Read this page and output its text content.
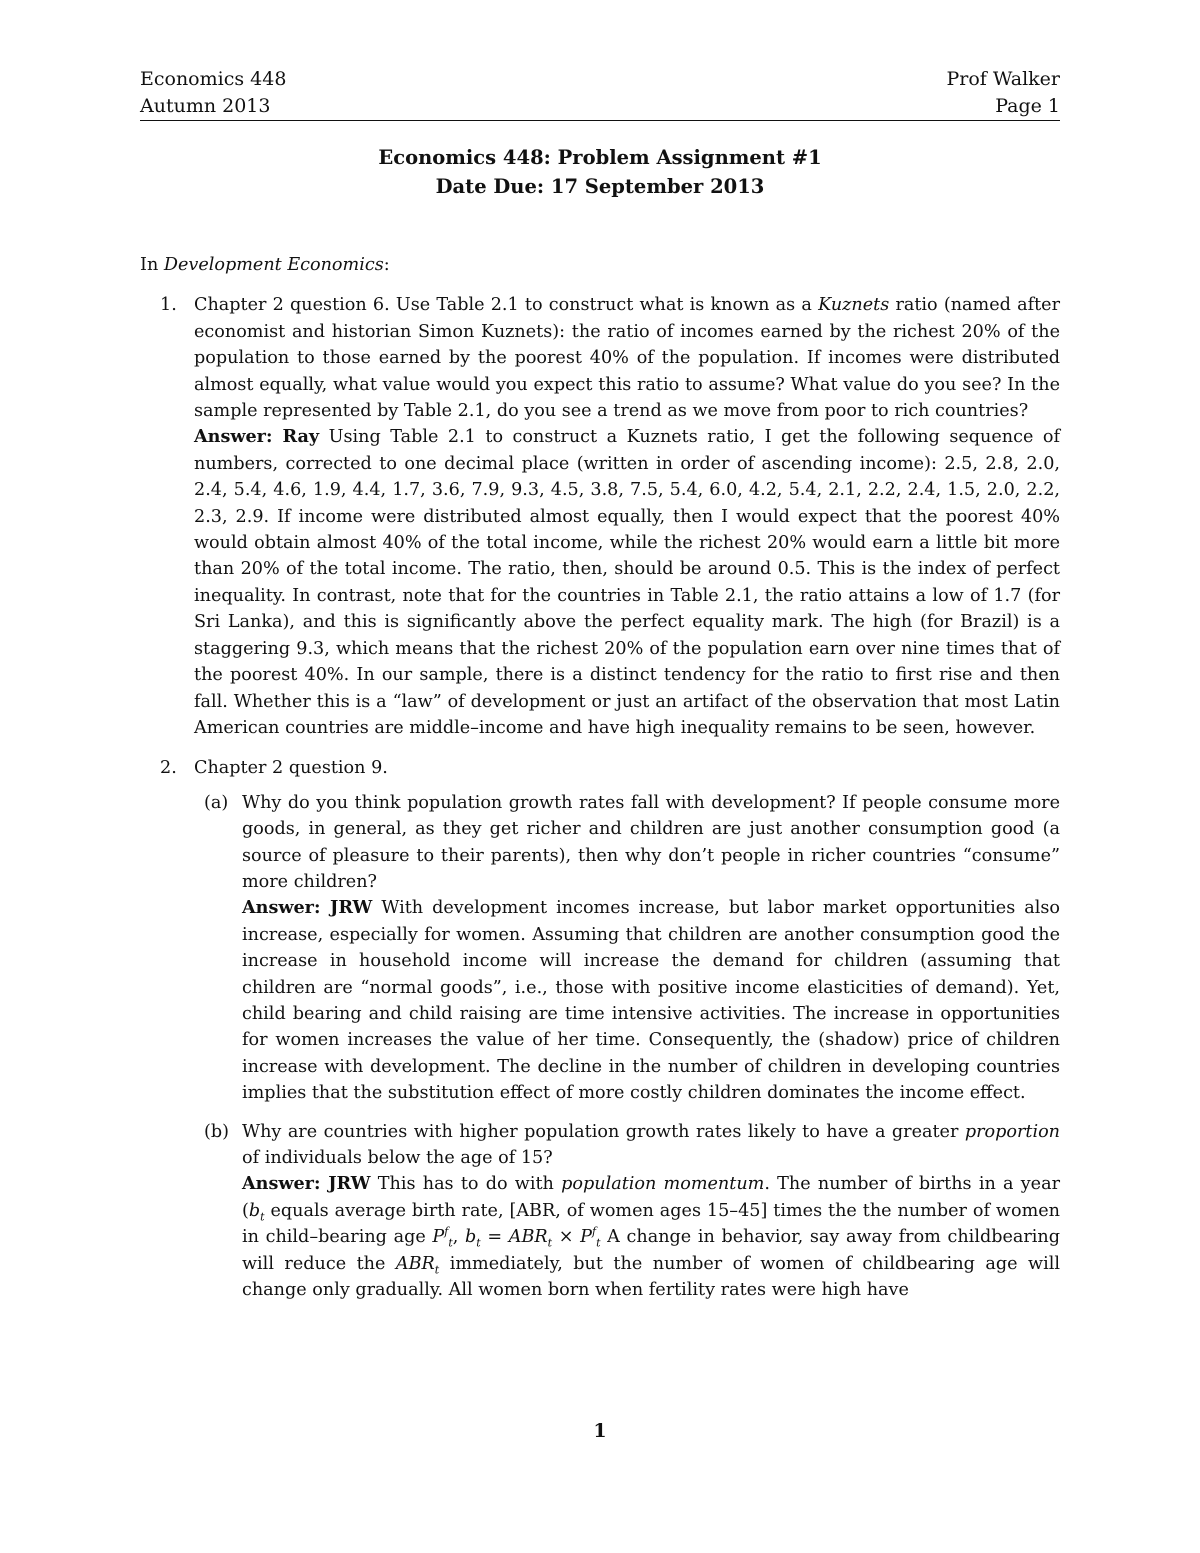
Economics 448
Autumn 2013
Prof Walker
Page 1
Economics 448: Problem Assignment #1
Date Due: 17 September 2013

In Development Economics:

1. Chapter 2 question 6. Use Table 2.1 to construct what is known as a Kuznets ratio (named after economist and historian Simon Kuznets): the ratio of incomes earned by the richest 20% of the population to those earned by the poorest 40% of the population. If incomes were distributed almost equally, what value would you expect this ratio to assume? What value do you see? In the sample represented by Table 2.1, do you see a trend as we move from poor to rich countries?

Answer: Ray Using Table 2.1 to construct a Kuznets ratio, I get the following sequence of numbers, corrected to one decimal place (written in order of ascending income): 2.5, 2.8, 2.0, 2.4, 5.4, 4.6, 1.9, 4.4, 1.7, 3.6, 7.9, 9.3, 4.5, 3.8, 7.5, 5.4, 6.0, 4.2, 5.4, 2.1, 2.2, 2.4, 1.5, 2.0, 2.2, 2.3, 2.9. If income were distributed almost equally, then I would expect that the poorest 40% would obtain almost 40% of the total income, while the richest 20% would earn a little bit more than 20% of the total income. The ratio, then, should be around 0.5. This is the index of perfect inequality. In contrast, note that for the countries in Table 2.1, the ratio attains a low of 1.7 (for Sri Lanka), and this is significantly above the perfect equality mark. The high (for Brazil) is a staggering 9.3, which means that the richest 20% of the population earn over nine times that of the poorest 40%. In our sample, there is a distinct tendency for the ratio to first rise and then fall. Whether this is a “law” of development or just an artifact of the observation that most Latin American countries are middle–income and have high inequality remains to be seen, however.

2. Chapter 2 question 9.

(a) Why do you think population growth rates fall with development? If people consume more goods, in general, as they get richer and children are just another consumption good (a source of pleasure to their parents), then why don’t people in richer countries “consume” more children?

Answer: JRW With development incomes increase, but labor market opportunities also increase, especially for women. Assuming that children are another consumption good the increase in household income will increase the demand for children (assuming that children are “normal goods”, i.e., those with positive income elasticities of demand). Yet, child bearing and child raising are time intensive activities. The increase in opportunities for women increases the value of her time. Consequently, the (shadow) price of children increase with development. The decline in the number of children in developing countries implies that the substitution effect of more costly children dominates the income effect.

(b) Why are countries with higher population growth rates likely to have a greater proportion of individuals below the age of 15?

Answer: JRW This has to do with population momentum. The number of births in a year ($b_t$ equals average birth rate, [ABR, of women ages 15–45] times the the number of women in child–bearing age $P^f_t$, $b_t = ABR_t \times P^f_t$ A change in behavior, say away from childbearing will reduce the $ABR_t$ immediately, but the number of women of childbearing age will change only gradually. All women born when fertility rates were high have

1
